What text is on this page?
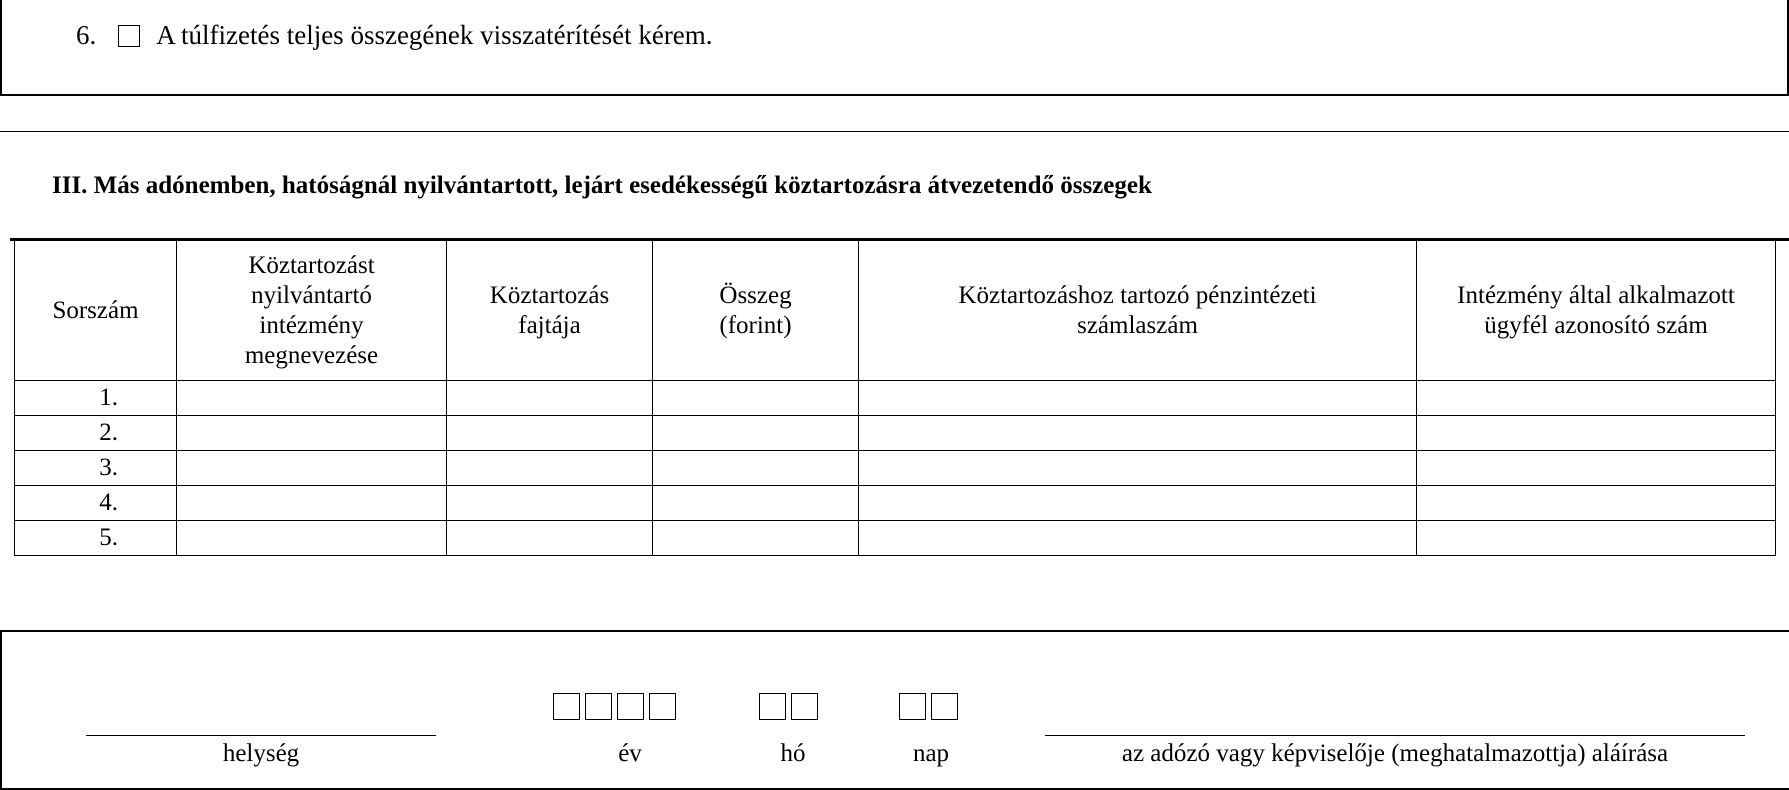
6. A túlfizetés teljes összegének visszatérítését kérem.
III. Más adónemben, hatóságnál nyilvántartott, lejárt esedékességű köztartozásra átvezetendő összegek
Sorszám	Köztartozást nyilvántartó intézmény megnevezése	Köztartozás fajtája	Összeg (forint)	Köztartozáshoz tartozó pénzintézeti számlaszám	Intézmény által alkalmazott ügyfél azonosító szám
1.					
2.					
3.					
4.					
5.					
helység	év	hó	nap	az adózó vagy képviselője (meghatalmazottja) aláírása
